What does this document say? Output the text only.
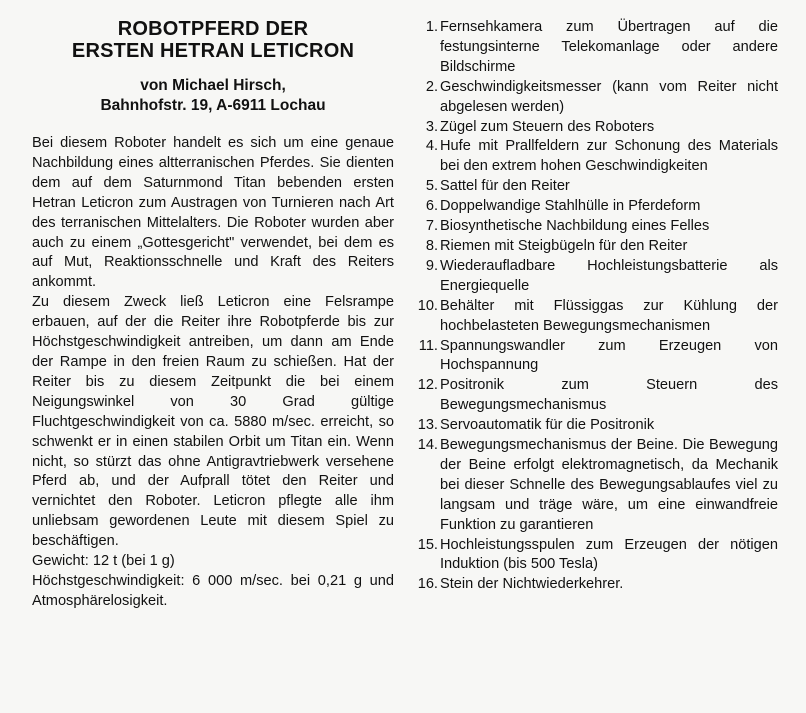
ROBOTPFERD DER
ERSTEN HETRAN LETICRON
von Michael Hirsch,
Bahnhofstr. 19, A-6911 Lochau

Bei diesem Roboter handelt es sich um eine genaue Nachbildung eines altterranischen Pferdes. Sie dienten dem auf dem Saturnmond Titan bebenden ersten Hetran Leticron zum Austragen von Turnieren nach Art des terranischen Mittelalters. Die Roboter wurden aber auch zu einem „Gottesgericht" verwendet, bei dem es auf Mut, Reaktionsschnelle und Kraft des Reiters ankommt.

Zu diesem Zweck ließ Leticron eine Felsrampe erbauen, auf der die Reiter ihre Robotpferde bis zur Höchstgeschwindigkeit antreiben, um dann am Ende der Rampe in den freien Raum zu schießen. Hat der Reiter bis zu diesem Zeitpunkt die bei einem Neigungswinkel von 30 Grad gültige Fluchtgeschwindigkeit von ca. 5880 m/sec. erreicht, so schwenkt er in einen stabilen Orbit um Titan ein. Wenn nicht, so stürzt das ohne Antigravtriebwerk versehene Pferd ab, und der Aufprall tötet den Reiter und vernichtet den Roboter. Leticron pflegte alle ihm unliebsam gewordenen Leute mit diesem Spiel zu beschäftigen.

Gewicht: 12 t (bei 1 g)
Höchstgeschwindigkeit: 6 000 m/sec. bei 0,21 g und Atmosphärelosigkeit.
1. Fernsehkamera zum Übertragen auf die festungsinterne Telekomanlage oder andere Bildschirme
2. Geschwindigkeitsmesser (kann vom Reiter nicht abgelesen werden)
3. Zügel zum Steuern des Roboters
4. Hufe mit Prallfeldern zur Schonung des Materials bei den extrem hohen Geschwindigkeiten
5. Sattel für den Reiter
6. Doppelwandige Stahlhülle in Pferdeform
7. Biosynthetische Nachbildung eines Felles
8. Riemen mit Steigbügeln für den Reiter
9. Wiederaufladbare Hochleistungsbatterie als Energiequelle
10. Behälter mit Flüssiggas zur Kühlung der hochbelasteten Bewegungsmechanismen
11. Spannungswandler zum Erzeugen von Hochspannung
12. Positronik zum Steuern des Bewegungsmechanismus
13. Servoautomatik für die Positronik
14. Bewegungsmechanismus der Beine. Die Bewegung der Beine erfolgt elektromagnetisch, da Mechanik bei dieser Schnelle des Bewegungsablaufes viel zu langsam und träge wäre, um eine einwandfreie Funktion zu garantieren
15. Hochleistungsspulen zum Erzeugen der nötigen Induktion (bis 500 Tesla)
16. Stein der Nichtwiederkehrer.
